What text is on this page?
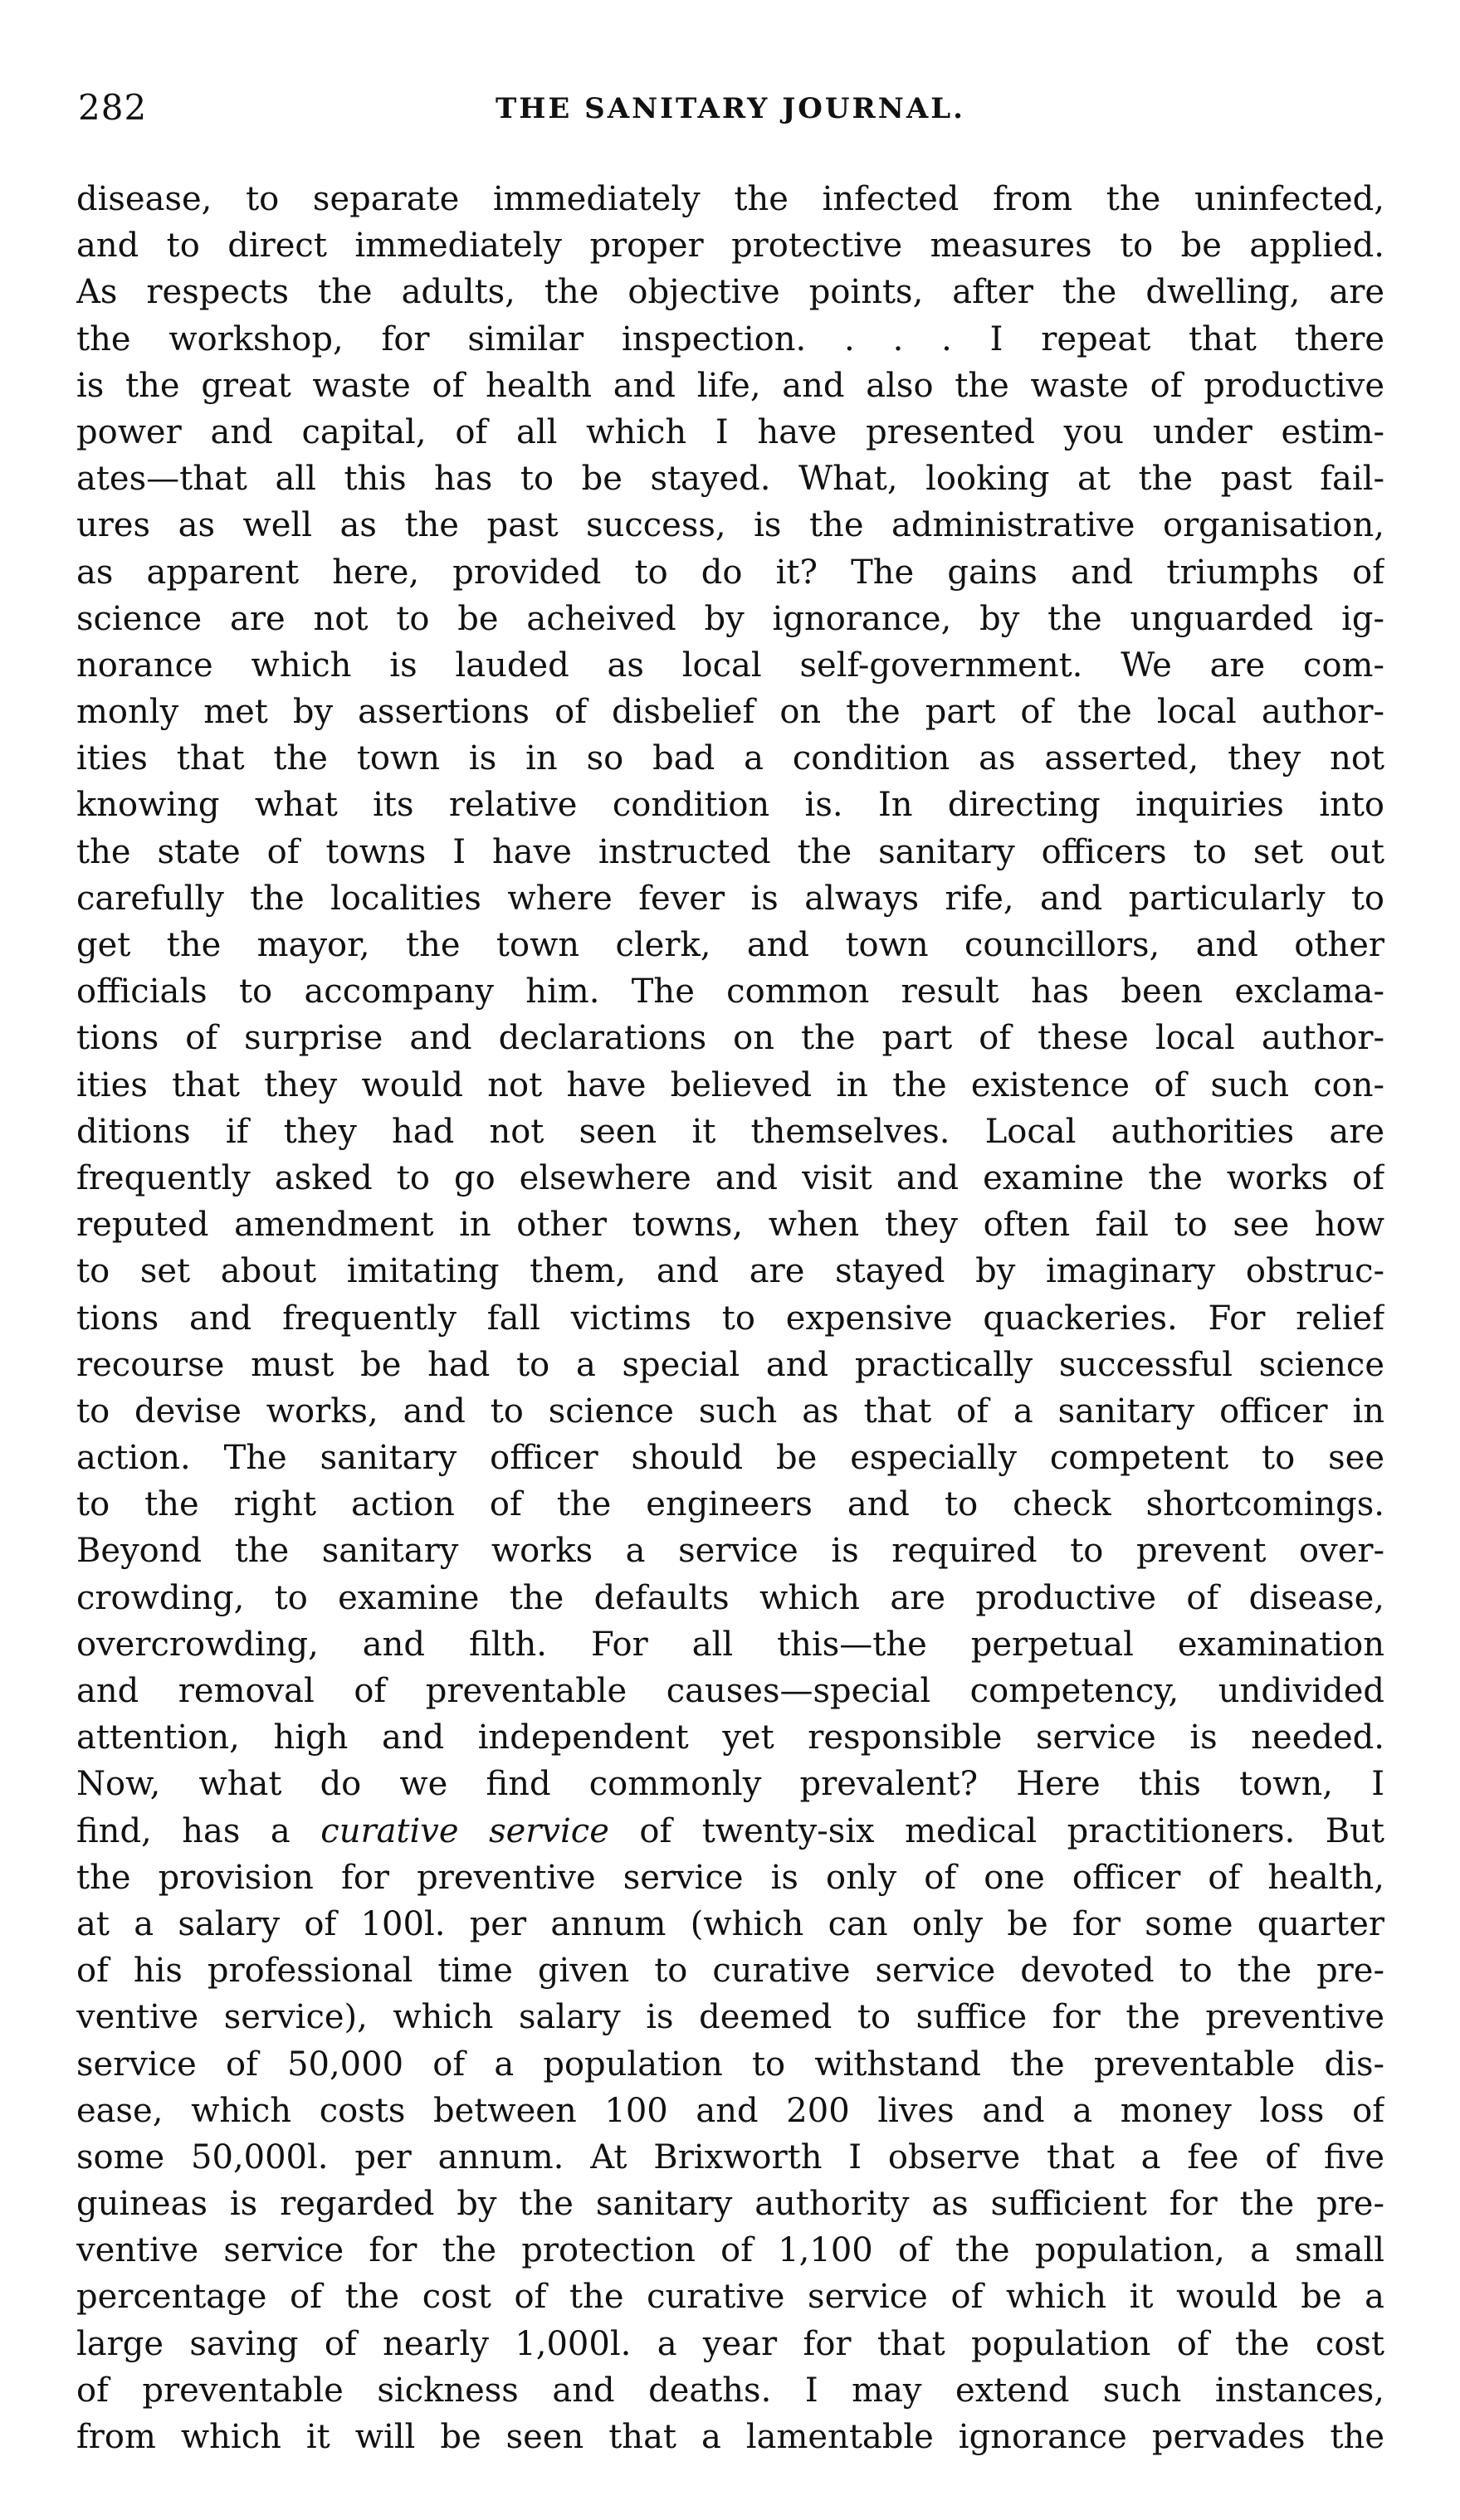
282	THE SANITARY JOURNAL.
disease, to separate immediately the infected from the uninfected,
and to direct immediately proper protective measures to be applied.
As respects the adults, the objective points, after the dwelling, are
the workshop, for similar inspection. . . . I repeat that there
is the great waste of health and life, and also the waste of productive
power and capital, of all which I have presented you under estim-
ates—that all this has to be stayed. What, looking at the past fail-
ures as well as the past success, is the administrative organisation,
as apparent here, provided to do it? The gains and triumphs of
science are not to be acheived by ignorance, by the unguarded ig-
norance which is lauded as local self-government. We are com-
monly met by assertions of disbelief on the part of the local author-
ities that the town is in so bad a condition as asserted, they not
knowing what its relative condition is. In directing inquiries into
the state of towns I have instructed the sanitary officers to set out
carefully the localities where fever is always rife, and particularly to
get the mayor, the town clerk, and town councillors, and other
officials to accompany him. The common result has been exclama-
tions of surprise and declarations on the part of these local author-
ities that they would not have believed in the existence of such con-
ditions if they had not seen it themselves. Local authorities are
frequently asked to go elsewhere and visit and examine the works of
reputed amendment in other towns, when they often fail to see how
to set about imitating them, and are stayed by imaginary obstruc-
tions and frequently fall victims to expensive quackeries. For relief
recourse must be had to a special and practically successful science
to devise works, and to science such as that of a sanitary officer in
action. The sanitary officer should be especially competent to see
to the right action of the engineers and to check shortcomings.
Beyond the sanitary works a service is required to prevent over-
crowding, to examine the defaults which are productive of disease,
overcrowding, and filth. For all this—the perpetual examination
and removal of preventable causes—special competency, undivided
attention, high and independent yet responsible service is needed.
Now, what do we find commonly prevalent? Here this town, I
find, has a curative service of twenty-six medical practitioners. But
the provision for preventive service is only of one officer of health,
at a salary of 100l. per annum (which can only be for some quarter
of his professional time given to curative service devoted to the pre-
ventive service), which salary is deemed to suffice for the preventive
service of 50,000 of a population to withstand the preventable dis-
ease, which costs between 100 and 200 lives and a money loss of
some 50,000l. per annum. At Brixworth I observe that a fee of five
guineas is regarded by the sanitary authority as sufficient for the pre-
ventive service for the protection of 1,100 of the population, a small
percentage of the cost of the curative service of which it would be a
large saving of nearly 1,000l. a year for that population of the cost
of preventable sickness and deaths. I may extend such instances,
from which it will be seen that a lamentable ignorance pervades the
